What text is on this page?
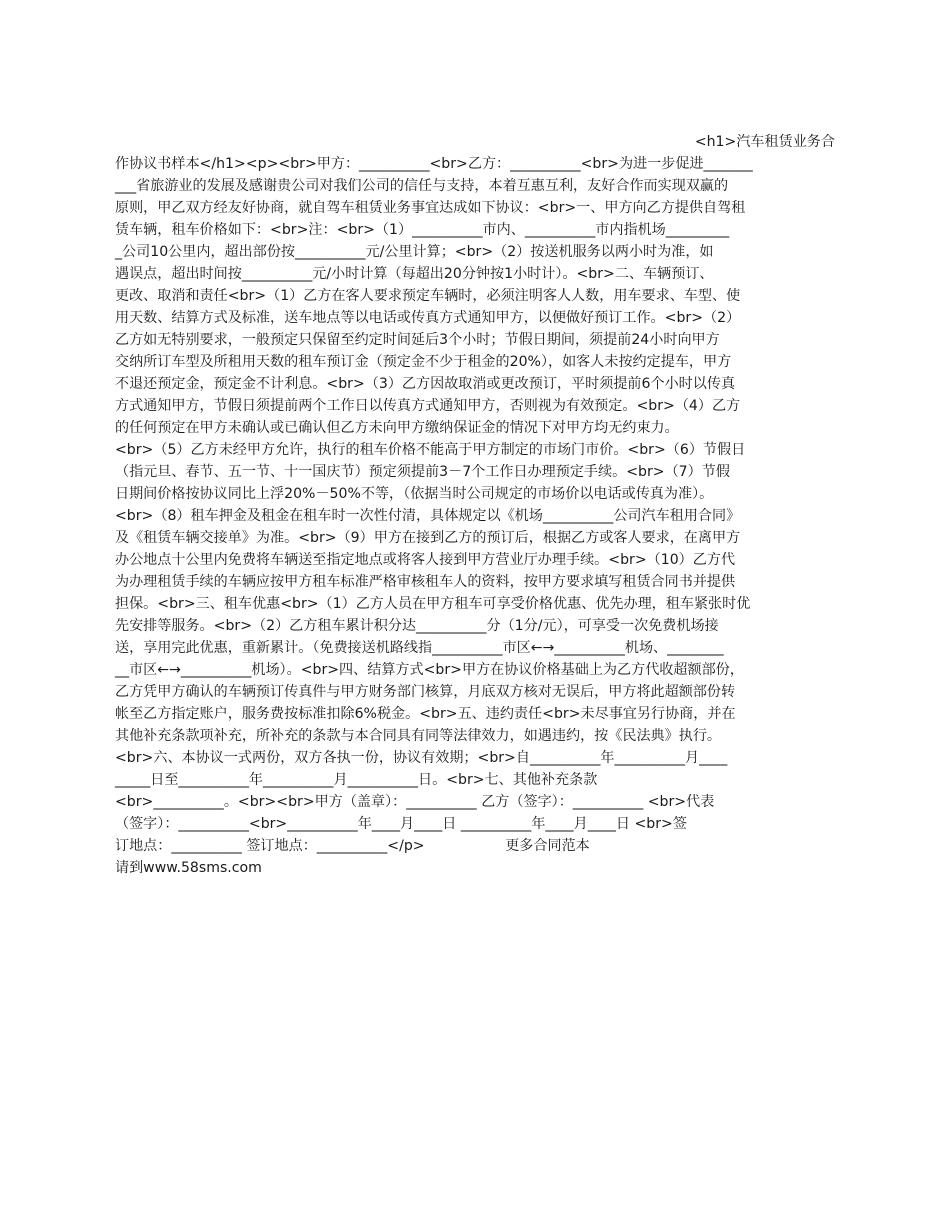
<h1>汽车租赁业务合
作协议书样本</h1><p><br>甲方：__________<br>乙方：__________<br>为进一步促进_______
___省旅游业的发展及感谢贵公司对我们公司的信任与支持，本着互惠互利，友好合作而实现双赢的
原则，甲乙双方经友好协商，就自驾车租赁业务事宜达成如下协议：<br>一、甲方向乙方提供自驾租
赁车辆，租车价格如下：<br>注：<br>（1）__________市内、__________市内指机场_________
_公司10公里内，超出部份按__________元/公里计算；<br>（2）按送机服务以两小时为准，如
遇误点，超出时间按__________元/小时计算（每超出20分钟按1小时计）。<br>二、车辆预订、
更改、取消和责任<br>（1）乙方在客人要求预定车辆时，必须注明客人人数，用车要求、车型、使
用天数、结算方式及标准，送车地点等以电话或传真方式通知甲方，以便做好预订工作。<br>（2）
乙方如无特别要求，一般预定只保留至约定时间延后3个小时；节假日期间，须提前24小时向甲方
交纳所订车型及所租用天数的租车预订金（预定金不少于租金的20%），如客人未按约定提车，甲方
不退还预定金，预定金不计利息。<br>（3）乙方因故取消或更改预订，平时须提前6个小时以传真
方式通知甲方，节假日须提前两个工作日以传真方式通知甲方，否则视为有效预定。<br>（4）乙方
的任何预定在甲方未确认或已确认但乙方未向甲方缴纳保证金的情况下对甲方均无约束力。
<br>（5）乙方未经甲方允许，执行的租车价格不能高于甲方制定的市场门市价。<br>（6）节假日
（指元旦、春节、五一节、十一国庆节）预定须提前3－7个工作日办理预定手续。<br>（7）节假
日期间价格按协议同比上浮20%－50%不等，（依据当时公司规定的市场价以电话或传真为准）。
<br>（8）租车押金及租金在租车时一次性付清，具体规定以《机场__________公司汽车租用合同》
及《租赁车辆交接单》为准。<br>（9）甲方在接到乙方的预订后，根据乙方或客人要求，在离甲方
办公地点十公里内免费将车辆送至指定地点或将客人接到甲方营业厅办理手续。<br>（10）乙方代
为办理租赁手续的车辆应按甲方租车标准严格审核租车人的资料，按甲方要求填写租赁合同书并提供
担保。<br>三、租车优惠<br>（1）乙方人员在甲方租车可享受价格优惠、优先办理，租车紧张时优
先安排等服务。<br>（2）乙方租车累计积分达__________分（1分/元），可享受一次免费机场接
送，享用完此优惠，重新累计。（免费接送机路线指__________市区←→__________机场、________
__市区←→__________机场）。<br>四、结算方式<br>甲方在协议价格基础上为乙方代收超额部份，
乙方凭甲方确认的车辆预订传真件与甲方财务部门核算，月底双方核对无误后，甲方将此超额部份转
帐至乙方指定账户，服务费按标准扣除6%税金。<br>五、违约责任<br>未尽事宜另行协商，并在
其他补充条款项补充，所补充的条款与本合同具有同等法律效力，如遇违约，按《民法典》执行。
<br>六、本协议一式两份，双方各执一份，协议有效期；<br>自__________年__________月____
_____日至__________年__________月__________日。<br>七、其他补充条款
<br>__________。<br><br>甲方（盖章）：__________ 乙方（签字）：__________ <br>代表
（签字）：__________<br>__________年____月____日 __________年____月____日 <br>签
订地点：__________ 签订地点：__________</p>                  更多合同范本
请到www.58sms.com
